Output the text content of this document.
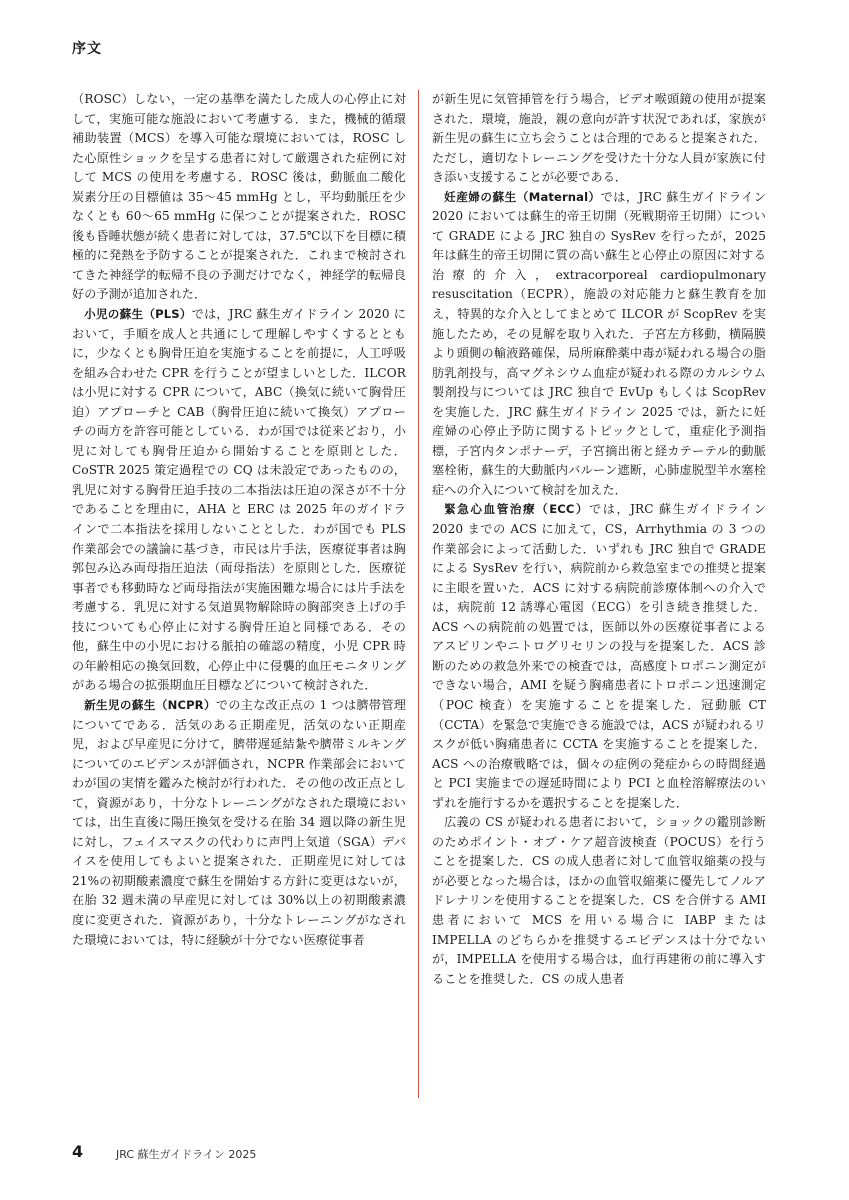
序文

（ROSC）しない，一定の基準を満たした成人の心停止に対して，実施可能な施設において考慮する．また，機械的循環補助装置（MCS）を導入可能な環境においては，ROSC した心原性ショックを呈する患者に対して厳選された症例に対して MCS の使用を考慮する．ROSC 後は，動脈血二酸化炭素分圧の目標値は 35～45 mmHg とし，平均動脈圧を少なくとも 60～65 mmHg に保つことが提案された．ROSC 後も昏睡状態が続く患者に対しては，37.5℃以下を目標に積極的に発熱を予防することが提案された．これまで検討されてきた神経学的転帰不良の予測だけでなく，神経学的転帰良好の予測が追加された．

小児の蘇生（PLS）では，JRC 蘇生ガイドライン 2020 において，手順を成人と共通にして理解しやすくするとともに，少なくとも胸骨圧迫を実施することを前提に，人工呼吸を組み合わせた CPR を行うことが望ましいとした．ILCOR は小児に対する CPR について，ABC（換気に続いて胸骨圧迫）アプローチと CAB（胸骨圧迫に続いて換気）アプローチの両方を許容可能としている．わが国では従来どおり，小児に対しても胸骨圧迫から開始することを原則とした．CoSTR 2025 策定過程での CQ は未設定であったものの，乳児に対する胸骨圧迫手技の二本指法は圧迫の深さが不十分であることを理由に，AHA と ERC は 2025 年のガイドラインで二本指法を採用しないこととした．わが国でも PLS 作業部会での議論に基づき，市民は片手法，医療従事者は胸郭包み込み両母指圧迫法（両母指法）を原則とした．医療従事者でも移動時など両母指法が実施困難な場合には片手法を考慮する．乳児に対する気道異物解除時の胸部突き上げの手技についても心停止に対する胸骨圧迫と同様である．その他，蘇生中の小児における脈拍の確認の精度，小児 CPR 時の年齢相応の換気回数，心停止中に侵襲的血圧モニタリングがある場合の拡張期血圧目標などについて検討された．

新生児の蘇生（NCPR）での主な改正点の 1 つは臍帯管理についてである．活気のある正期産児，活気のない正期産児，および早産児に分けて，臍帯遅延結紮や臍帯ミルキングについてのエビデンスが評価され，NCPR 作業部会においてわが国の実情を鑑みた検討が行われた．その他の改正点として，資源があり，十分なトレーニングがなされた環境においては，出生直後に陽圧換気を受ける在胎 34 週以降の新生児に対し，フェイスマスクの代わりに声門上気道（SGA）デバイスを使用してもよいと提案された．正期産児に対しては 21%の初期酸素濃度で蘇生を開始する方針に変更はないが，在胎 32 週未満の早産児に対しては 30%以上の初期酸素濃度に変更された．資源があり，十分なトレーニングがなされた環境においては，特に経験が十分でない医療従事者

が新生児に気管挿管を行う場合，ビデオ喉頭鏡の使用が提案された．環境，施設，親の意向が許す状況であれば，家族が新生児の蘇生に立ち会うことは合理的であると提案された．ただし，適切なトレーニングを受けた十分な人員が家族に付き添い支援することが必要である．

妊産婦の蘇生（Maternal）では，JRC 蘇生ガイドライン 2020 においては蘇生的帝王切開（死戦期帝王切開）について GRADE による JRC 独自の SysRev を行ったが，2025 年は蘇生的帝王切開に質の高い蘇生と心停止の原因に対する治療的介入，extracorporeal cardiopulmonary resuscitation（ECPR），施設の対応能力と蘇生教育を加え，特異的な介入としてまとめて ILCOR が ScopRev を実施したため，その見解を取り入れた．子宮左方移動，横隔膜より頭側の輸液路確保，局所麻酔薬中毒が疑われる場合の脂肪乳剤投与，高マグネシウム血症が疑われる際のカルシウム製剤投与については JRC 独自で EvUp もしくは ScopRev を実施した．JRC 蘇生ガイドライン 2025 では，新たに妊産婦の心停止予防に関するトピックとして，重症化予測指標，子宮内タンポナーデ，子宮摘出術と経カテーテル的動脈塞栓術，蘇生的大動脈内バルーン遮断，心肺虚脱型羊水塞栓症への介入について検討を加えた．

緊急心血管治療（ECC）では，JRC 蘇生ガイドライン 2020 までの ACS に加えて，CS，Arrhythmia の 3 つの作業部会によって活動した．いずれも JRC 独自で GRADE による SysRev を行い，病院前から救急室までの推奨と提案に主眼を置いた．ACS に対する病院前診療体制への介入では，病院前 12 誘導心電図（ECG）を引き続き推奨した．ACS への病院前の処置では，医師以外の医療従事者によるアスピリンやニトログリセリンの投与を提案した．ACS 診断のための救急外来での検査では，高感度トロポニン測定ができない場合，AMI を疑う胸痛患者にトロポニン迅速測定（POC 検査）を実施することを提案した．冠動脈 CT（CCTA）を緊急で実施できる施設では，ACS が疑われるリスクが低い胸痛患者に CCTA を実施することを提案した．ACS への治療戦略では，個々の症例の発症からの時間経過と PCI 実施までの遅延時間により PCI と血栓溶解療法のいずれを施行するかを選択することを提案した．

広義の CS が疑われる患者において，ショックの鑑別診断のためポイント・オブ・ケア超音波検査（POCUS）を行うことを提案した．CS の成人患者に対して血管収縮薬の投与が必要となった場合は，ほかの血管収縮薬に優先してノルアドレナリンを使用することを提案した．CS を合併する AMI 患者において MCS を用いる場合に IABP または IMPELLA のどちらかを推奨するエビデンスは十分でないが，IMPELLA を使用する場合は，血行再建術の前に導入することを推奨した．CS の成人患者

4	JRC 蘇生ガイドライン 2025
